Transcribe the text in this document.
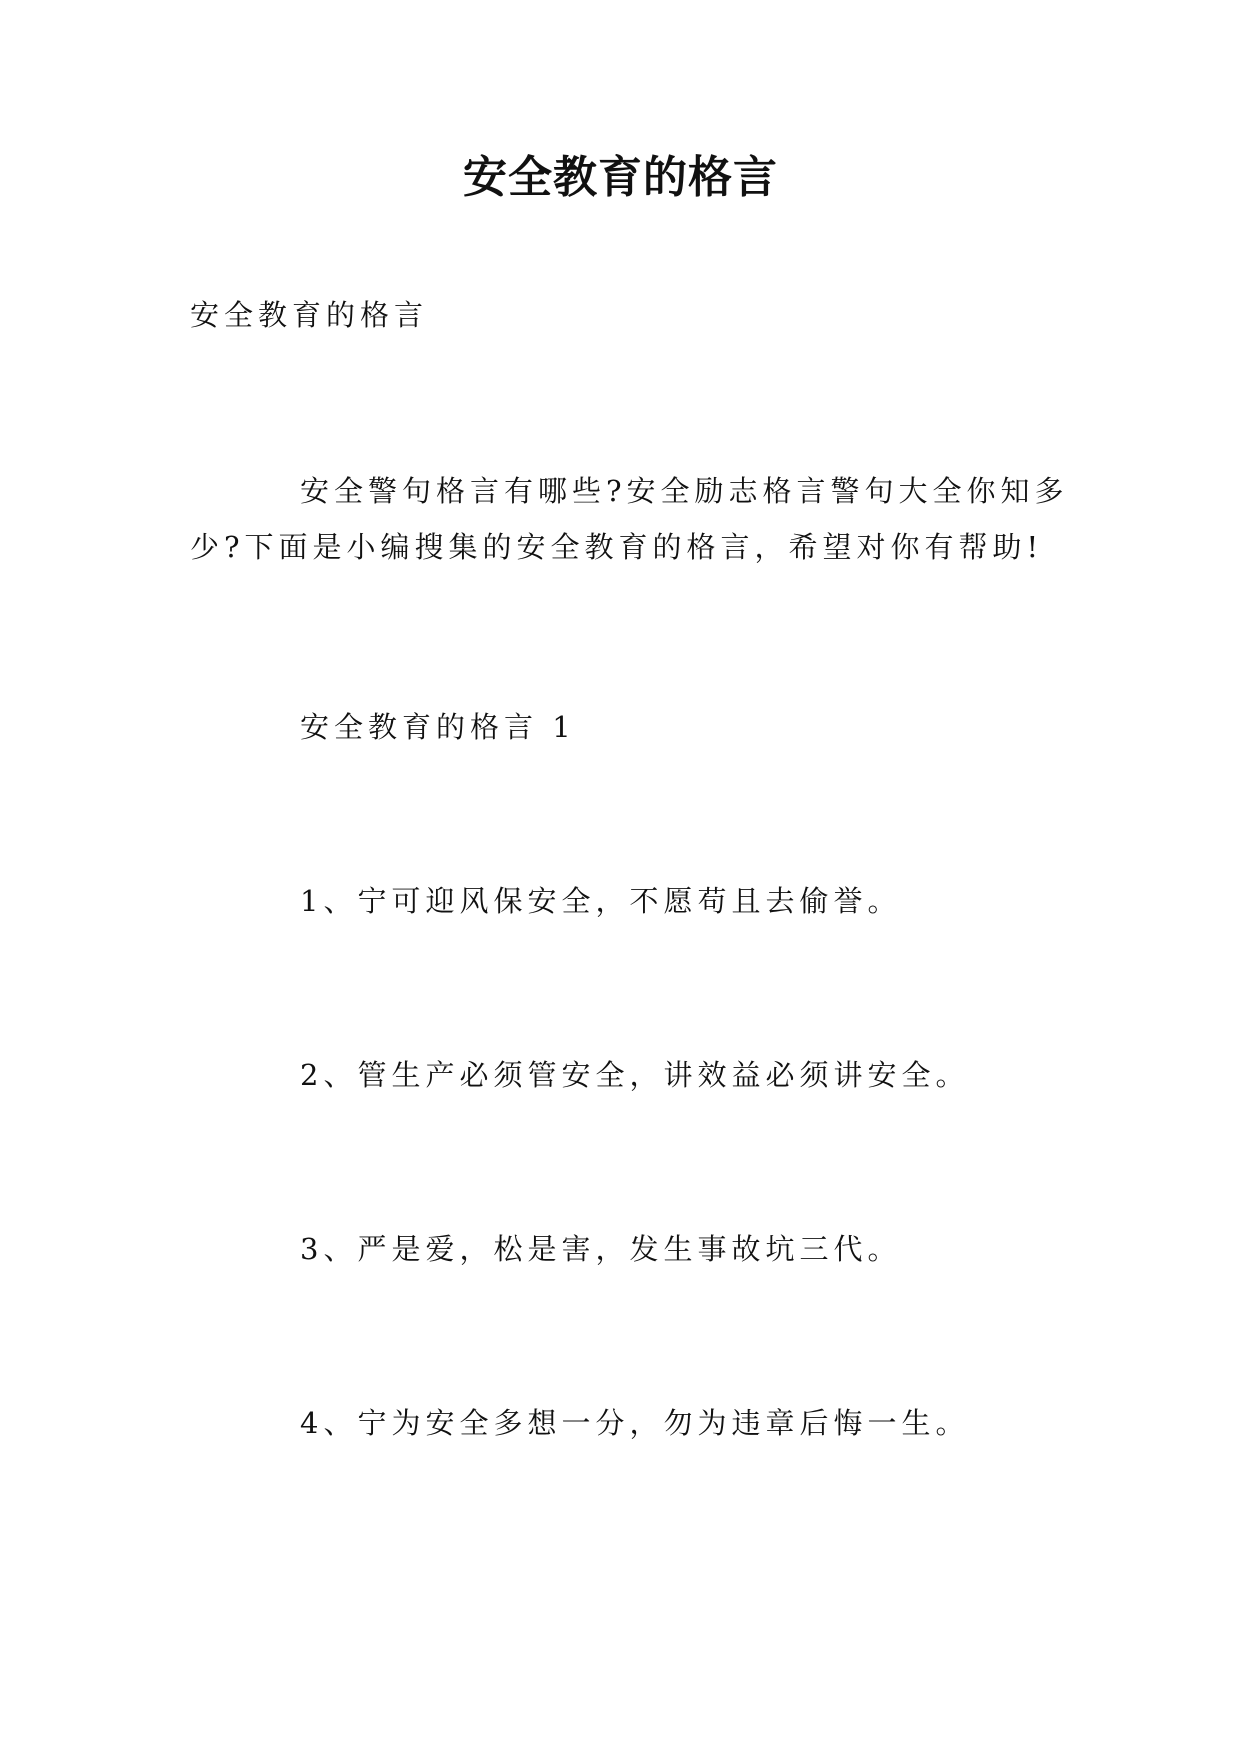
安全教育的格言
安全教育的格言
安全警句格言有哪些?安全励志格言警句大全你知多少?下面是小编搜集的安全教育的格言，希望对你有帮助!
安全教育的格言 1
1、宁可迎风保安全，不愿苟且去偷誉。
2、管生产必须管安全，讲效益必须讲安全。
3、严是爱，松是害，发生事故坑三代。
4、宁为安全多想一分，勿为违章后悔一生。
